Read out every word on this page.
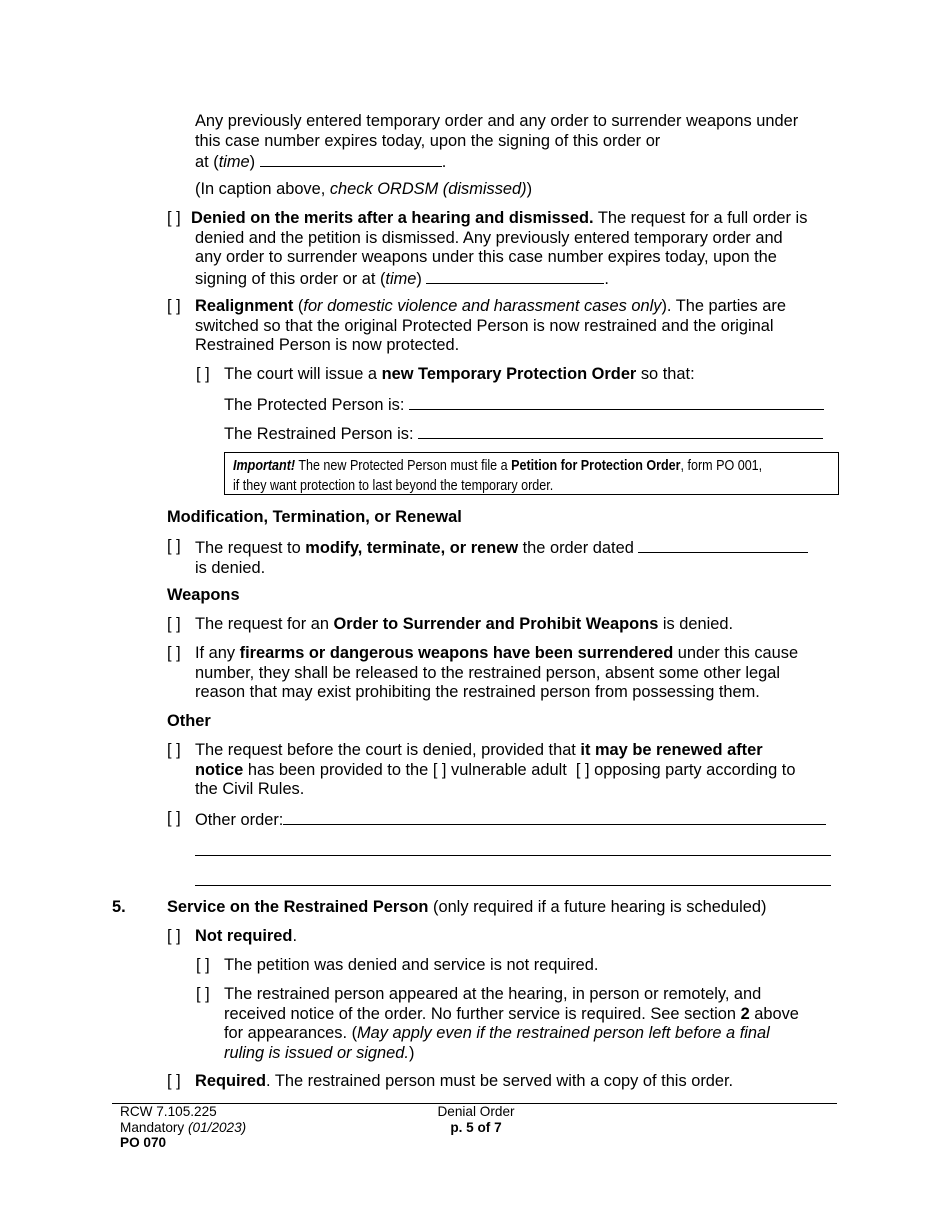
Any previously entered temporary order and any order to surrender weapons under
this case number expires today, upon the signing of this order or
at (time)	.
(In caption above, check ORDSM (dismissed))
[ ] Denied on the merits after a hearing and dismissed. The request for a full order is
denied and the petition is dismissed. Any previously entered temporary order and
any order to surrender weapons under this case number expires today, upon the
signing of this order or at (time)	.
[ ] Realignment (for domestic violence and harassment cases only). The parties are
switched so that the original Protected Person is now restrained and the original
Restrained Person is now protected.
[ ] The court will issue a new Temporary Protection Order so that:
The Protected Person is:
The Restrained Person is:
Important! The new Protected Person must file a Petition for Protection Order, form PO 001,
if they want protection to last beyond the temporary order.
Modification, Termination, or Renewal
[ ] The request to modify, terminate, or renew the order dated
is denied.
Weapons
[ ] The request for an Order to Surrender and Prohibit Weapons is denied.
[ ] If any firearms or dangerous weapons have been surrendered under this cause
number, they shall be released to the restrained person, absent some other legal
reason that may exist prohibiting the restrained person from possessing them.
Other
[ ] The request before the court is denied, provided that it may be renewed after
notice has been provided to the [ ] vulnerable adult  [ ] opposing party according to
the Civil Rules.
[ ] Other order:
5.	Service on the Restrained Person (only required if a future hearing is scheduled)
[ ] Not required.
[ ] The petition was denied and service is not required.
[ ] The restrained person appeared at the hearing, in person or remotely, and
received notice of the order. No further service is required. See section 2 above
for appearances. (May apply even if the restrained person left before a final
ruling is issued or signed.)
[ ] Required. The restrained person must be served with a copy of this order.
RCW 7.105.225
Mandatory (01/2023)
PO 070
Denial Order
p. 5 of 7
